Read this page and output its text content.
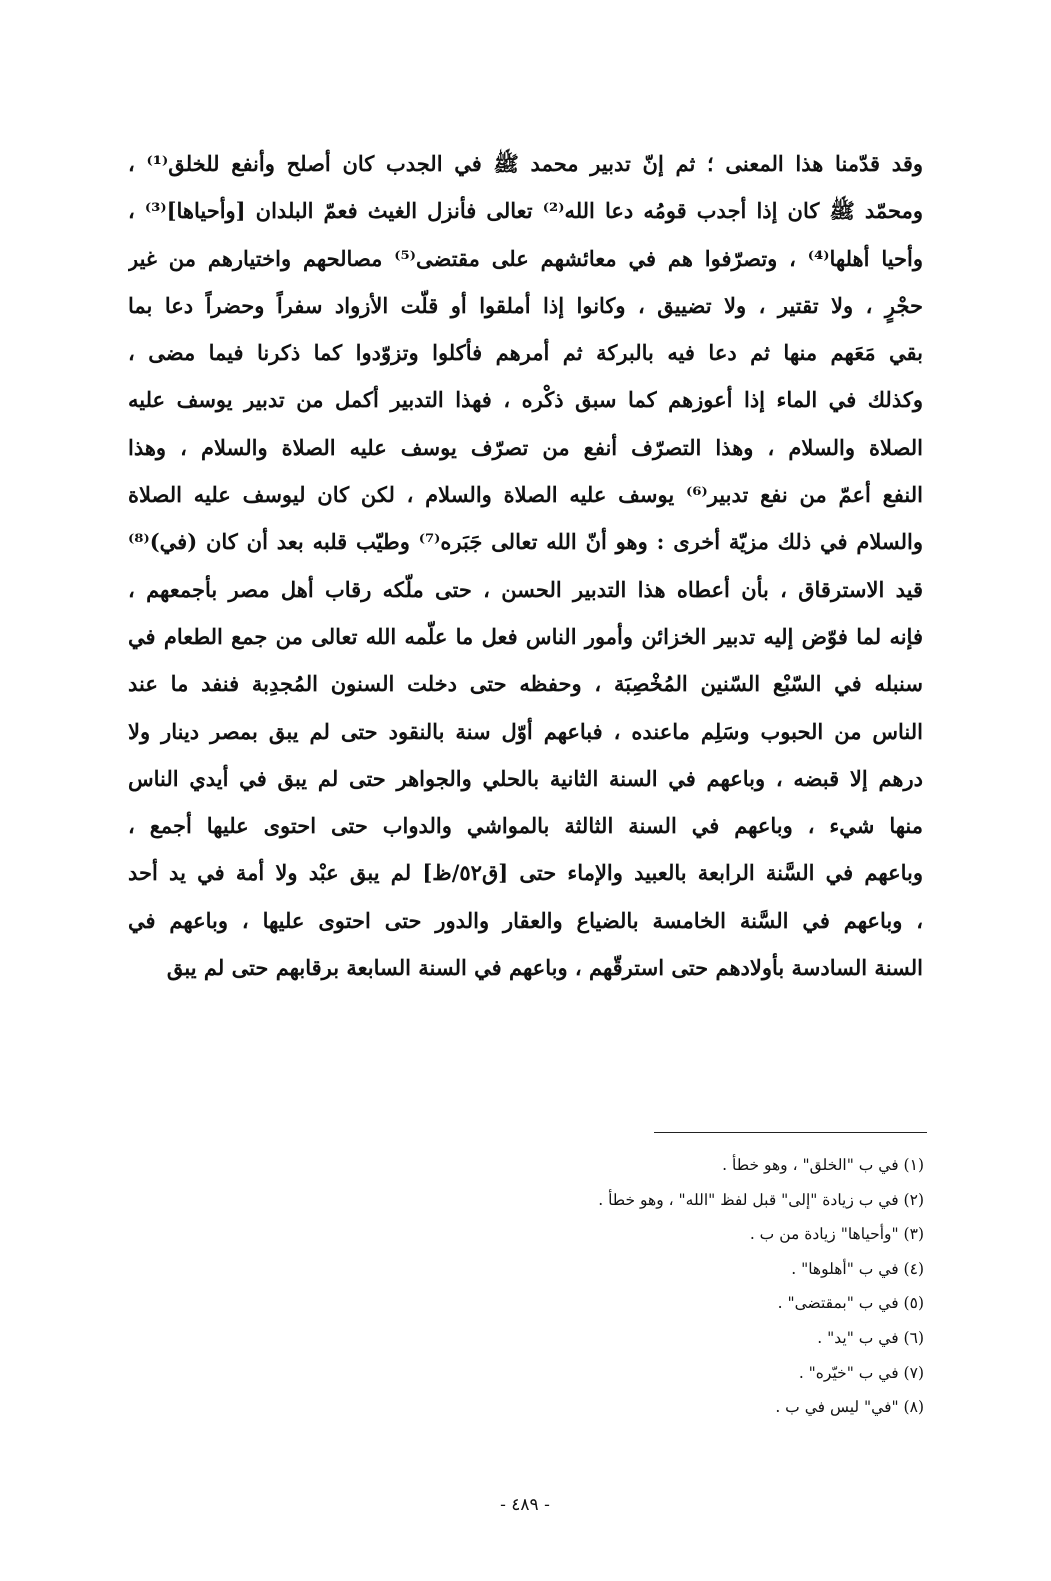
وقد قدّمنا هذا المعنى ؛ ثم إنّ تدبير محمد ﷺ في الجدب كان أصلح وأنفع للخلق⁽¹⁾ ،
ومحمّد ﷺ كان إذا أجدب قومُه دعا الله⁽²⁾ تعالى فأنزل الغيث فعمّ البلدان [وأحياها]⁽³⁾ ،
وأحيا أهلها⁽⁴⁾ ، وتصرّفوا هم في معائشهم على مقتضى⁽⁵⁾ مصالحهم واختيارهم من غير
حجْرٍ ، ولا تقتير ، ولا تضييق ، وكانوا إذا أملقوا أو قلّت الأزواد سفراً وحضراً دعا بما
بقي مَعَهم منها ثم دعا فيه بالبركة ثم أمرهم فأكلوا وتزوّدوا كما ذكرنا فيما مضى ،
وكذلك في الماء إذا أعوزهم كما سبق ذكْره ، فهذا التدبير أكمل من تدبير يوسف عليه
الصلاة والسلام ، وهذا التصرّف أنفع من تصرّف يوسف عليه الصلاة والسلام ، وهذا
النفع أعمّ من نفع تدبير⁽⁶⁾ يوسف عليه الصلاة والسلام ، لكن كان ليوسف عليه الصلاة
والسلام في ذلك مزيّة أخرى : وهو أنّ الله تعالى جَبَره⁽⁷⁾ وطيّب قلبه بعد أن كان (في)⁽⁸⁾
قيد الاسترقاق ، بأن أعطاه هذا التدبير الحسن ، حتى ملّكه رقاب أهل مصر بأجمعهم ،
فإنه لما فوّض إليه تدبير الخزائن وأمور الناس فعل ما علّمه الله تعالى من جمع الطعام في
سنبله في السّبْع السّنين المُخْصِبَة ، وحفظه حتى دخلت السنون المُجدِبة فنفد ما عند
الناس من الحبوب وسَلِم ماعنده ، فباعهم أوّل سنة بالنقود حتى لم يبق بمصر دينار ولا
درهم إلا قبضه ، وباعهم في السنة الثانية بالحلي والجواهر حتى لم يبق في أيدي الناس
منها شيء ، وباعهم في السنة الثالثة بالمواشي والدواب حتى احتوى عليها أجمع ،
وباعهم في السَّنة الرابعة بالعبيد والإماء حتى [ق٥٢/ظ] لم يبق عبْد ولا أمة في يد أحد
، وباعهم في السَّنة الخامسة بالضياع والعقار والدور حتى احتوى عليها ، وباعهم في
السنة السادسة بأولادهم حتى استرقّهم ، وباعهم في السنة السابعة برقابهم حتى لم يبق
(١) في ب "الخلق" ، وهو خطأ .
(٢) في ب زيادة "إلى" قبل لفظ "الله" ، وهو خطأ .
(٣) "وأحياها" زيادة من ب .
(٤) في ب "أهلوها" .
(٥) في ب "بمقتضى" .
(٦) في ب "يد" .
(٧) في ب "خيّره" .
(٨) "في" ليس في ب .
- ٤٨٩ -
